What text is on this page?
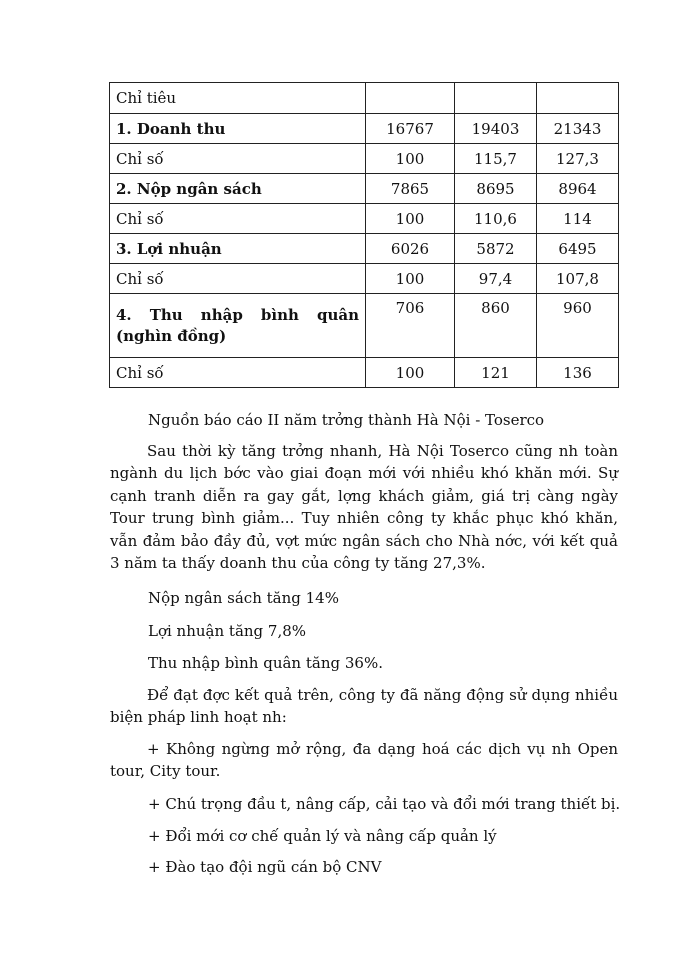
Chỉ tiêu			
1. Doanh thu	16767	19403	21343
Chỉ số	100	115,7	127,3
2. Nộp ngân sách	7865	8695	8964
Chỉ số	100	110,6	114
3. Lợi nhuận	6026	5872	6495
Chỉ số	100	97,4	107,8
4. Thu nhập bình quân (nghìn đồng)	706	860	960
Chỉ số	100	121	136
Nguồn báo cáo II năm trởng thành Hà Nội - Toserco
Sau thời kỳ tăng trởng nhanh, Hà Nội Toserco cũng nh toàn ngành du lịch bớc vào giai đoạn mới với nhiều khó khăn mới. Sự cạnh tranh diễn ra gay gắt, lợng khách giảm, giá trị càng ngày Tour trung bình giảm... Tuy nhiên công ty khắc phục khó khăn, vẫn đảm bảo đầy đủ, vợt mức ngân sách cho Nhà nớc, với kết quả 3 năm ta thấy doanh thu của công ty tăng 27,3%.
Nộp ngân sách tăng 14%
Lợi nhuận tăng 7,8%
Thu nhập bình quân tăng 36%.
Để đạt đợc kết quả trên, công ty đã năng động sử dụng nhiều biện pháp linh hoạt nh:
+ Không ngừng mở rộng, đa dạng hoá các dịch vụ nh Open tour, City tour.
+ Chú trọng đầu t, nâng cấp, cải tạo và đổi mới trang thiết bị.
+ Đổi mới cơ chế quản lý và nâng cấp quản lý
+ Đào tạo đội ngũ cán bộ CNV
